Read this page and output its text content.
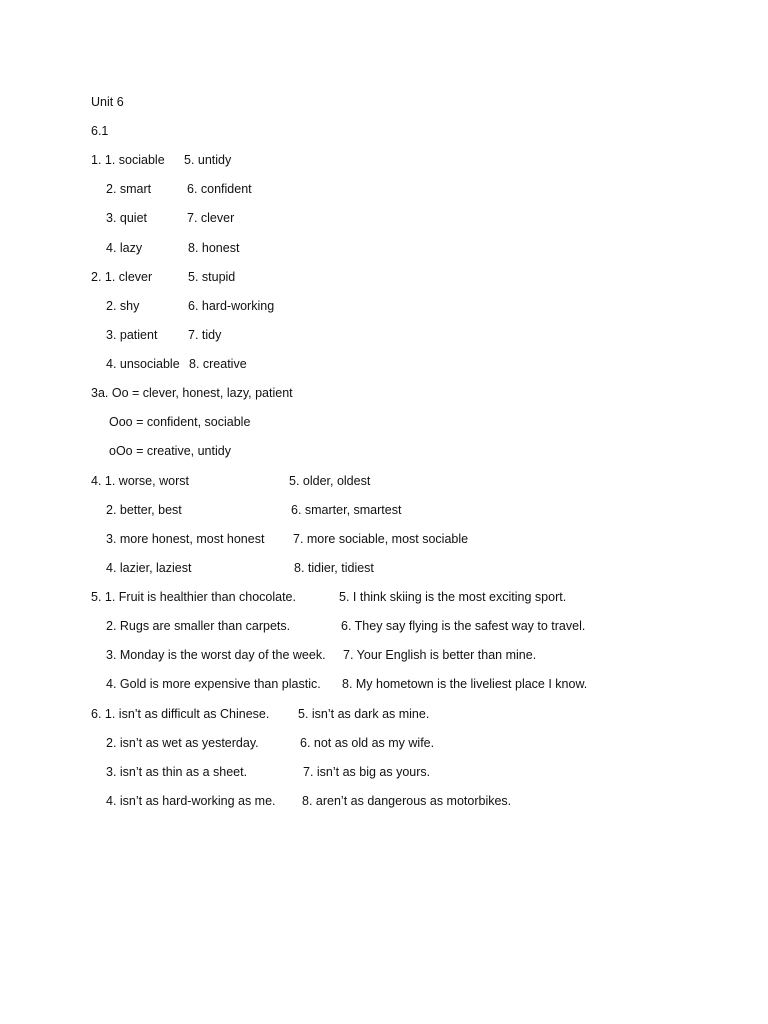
Unit 6
6.1
1. 1. sociable 5. untidy
2. smart	6. confident
3. quiet	7. clever
4. lazy	8. honest
2. 1. clever	5. stupid
2. shy	6. hard-working
3. patient 7. tidy
4. unsociable 8. creative
3a. Oo = clever, honest, lazy, patient
Ooo = confident, sociable
oOo = creative, untidy
4. 1. worse, worst	5. older, oldest
2. better, best	6. smarter, smartest
3. more honest, most honest 7. more sociable, most sociable
4. lazier, laziest	8. tidier, tidiest
5. 1. Fruit is healthier than chocolate.	5. I think skiing is the most exciting sport.
2. Rugs are smaller than carpets.	6. They say flying is the safest way to travel.
3. Monday is the worst day of the week. 7. Your English is better than mine.
4. Gold is more expensive than plastic. 8. My hometown is the liveliest place I know.
6. 1. isn’t as difficult as Chinese. 5. isn’t as dark as mine.
2. isn’t as wet as yesterday.	6. not as old as my wife.
3. isn’t as thin as a sheet.	7. isn’t as big as yours.
4. isn’t as hard-working as me. 8. aren’t as dangerous as motorbikes.
